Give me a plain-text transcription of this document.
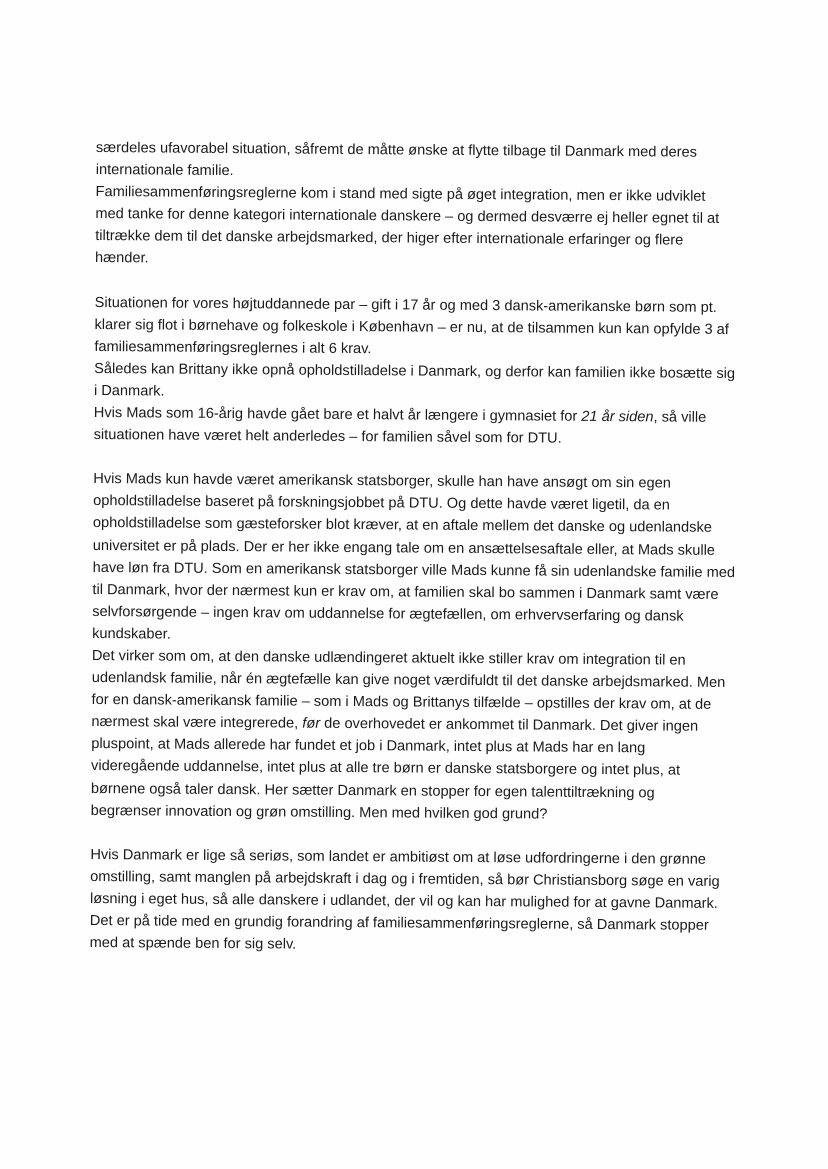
særdeles ufavorabel situation, såfremt de måtte ønske at flytte tilbage til Danmark med deres
internationale familie.

Familiesammenføringsreglerne kom i stand med sigte på øget integration, men er ikke udviklet
med tanke for denne kategori internationale danskere – og dermed desværre ej heller egnet til at
tiltrække dem til det danske arbejdsmarked, der higer efter internationale erfaringer og flere
hænder.

Situationen for vores højtuddannede par – gift i 17 år og med 3 dansk-amerikanske børn som pt.
klarer sig flot i børnehave og folkeskole i København – er nu, at de tilsammen kun kan opfylde 3 af
familiesammenføringsreglernes i alt 6 krav.

Således kan Brittany ikke opnå opholdstilladelse i Danmark, og derfor kan familien ikke bosætte sig
i Danmark.

Hvis Mads som 16-årig havde gået bare et halvt år længere i gymnasiet for 21 år siden, så ville
situationen have været helt anderledes – for familien såvel som for DTU.

Hvis Mads kun havde været amerikansk statsborger, skulle han have ansøgt om sin egen
opholdstilladelse baseret på forskningsjobbet på DTU. Og dette havde været ligetil, da en
opholdstilladelse som gæsteforsker blot kræver, at en aftale mellem det danske og udenlandske
universitet er på plads. Der er her ikke engang tale om en ansættelsesaftale eller, at Mads skulle
have løn fra DTU. Som en amerikansk statsborger ville Mads kunne få sin udenlandske familie med
til Danmark, hvor der nærmest kun er krav om, at familien skal bo sammen i Danmark samt være
selvforsørgende – ingen krav om uddannelse for ægtefællen, om erhvervserfaring og dansk
kundskaber.

Det virker som om, at den danske udlændingeret aktuelt ikke stiller krav om integration til en
udenlandsk familie, når én ægtefælle kan give noget værdifuldt til det danske arbejdsmarked. Men
for en dansk-amerikansk familie – som i Mads og Brittanys tilfælde – opstilles der krav om, at de
nærmest skal være integrerede, før de overhovedet er ankommet til Danmark. Det giver ingen
pluspoint, at Mads allerede har fundet et job i Danmark, intet plus at Mads har en lang
videregående uddannelse, intet plus at alle tre børn er danske statsborgere og intet plus, at
børnene også taler dansk. Her sætter Danmark en stopper for egen talenttiltrækning og
begrænser innovation og grøn omstilling. Men med hvilken god grund?

Hvis Danmark er lige så seriøs, som landet er ambitiøst om at løse udfordringerne i den grønne
omstilling, samt manglen på arbejdskraft i dag og i fremtiden, så bør Christiansborg søge en varig
løsning i eget hus, så alle danskere i udlandet, der vil og kan har mulighed for at gavne Danmark.
Det er på tide med en grundig forandring af familiesammenføringsreglerne, så Danmark stopper
med at spænde ben for sig selv.
